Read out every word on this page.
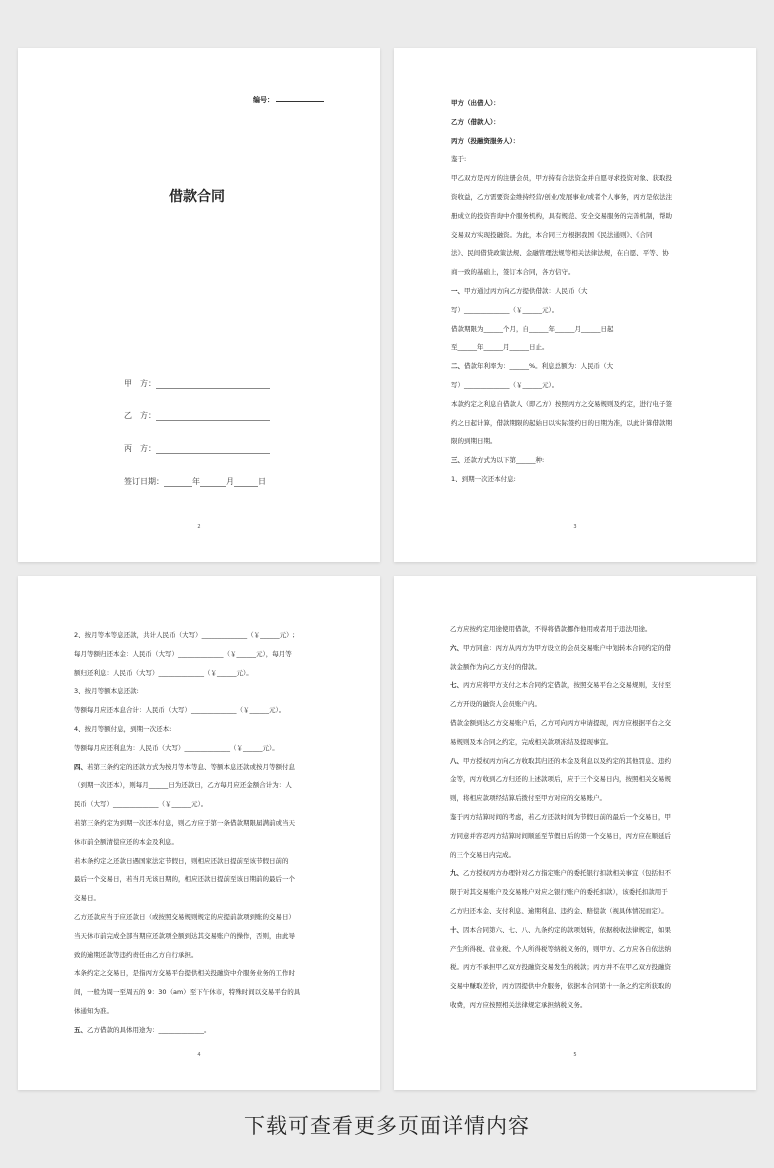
编号：
借款合同
甲　方：
乙　方：
丙　方：
签订日期：	年	月	日
2

甲方（出借人）：

乙方（借款人）：

丙方（投融资服务人）：

鉴于:

甲乙双方是丙方的注册会员，甲方持有合法资金并自愿寻求投资对象、获取投

资收益，乙方需要资金维持经营/创业/发展事业/或者个人事务，丙方是依法注

册成立的投资咨询中介服务机构，具有规范、安全交易服务的完善机制，帮助

交易双方实现投融资。为此，本合同三方根据我国《民法通则》、《合同

法》、民间借贷政策法规、金融管理法规等相关法律法规，在自愿、平等、协

商一致的基础上，签订本合同，各方信守。

一、甲方通过丙方向乙方提供借款：人民币（大

写）______________（￥______元）。

借款期限为______个月，自______年______月______日起

至______年______月______日止。

二、借款年利率为：______%。利息总额为：人民币（大

写）______________（￥______元）。

本款约定之利息自借款人（即乙方）按照丙方之交易规则及约定，进行电子签

约之日起计算，借款期限的起始日以实际签约日的日期为准，以此计算借款期

限的到期日期。

三、还款方式为以下第______种:

1、到期一次还本付息:

3

2、按月等本等息还款，共计人民币（大写）______________（￥______元）;

每月等额归还本金：人民币（大写）______________（￥______元），每月等

额归还利息：人民币（大写）______________（￥______元）。

3、按月等额本息还款:

等额每月应还本息合计：人民币（大写）______________（￥______元）。

4、按月等额付息，到期一次还本:

等额每月应还利息为：人民币（大写）______________（￥______元）。

四、若第三条约定的还款方式为按月等本等息、等额本息还款或按月等额付息

（到期一次还本），则每月______日为还款日，乙方每月应还金额合计为：人

民币（大写）______________（￥______元）。

若第三条约定为到期一次还本付息，则乙方应于第一条借款期限届满前或当天

休市前全额清偿应还的本金及利息。

若本条约定之还款日遇国家法定节假日，则相应还款日提前至该节假日前的

最后一个交易日，若当月无该日期的，相应还款日提前至该日期前的最后一个

交易日。

乙方还款应当于应还款日（或按照交易规则规定的应提前款项到账的交易日）

当天休市前完成全部当期应还款项全额到达其交易账户的操作，否则，由此导

致的逾期还款等违约责任由乙方自行承担。

本条约定之交易日，是指丙方交易平台提供相关投融资中介服务业务的工作时

间，一般为周一至周五的 9：30（am）至下午休市，特殊时间以交易平台的具

体通知为准。

五、乙方借款的具体用途为：______________。

4

乙方应按约定用途使用借款，不得将借款挪作他用或者用于违法用途。

六、甲方同意：丙方从丙方为甲方设立的会员交易账户中划转本合同约定的借

款金额作为向乙方支付的借款。

七、丙方应将甲方支付之本合同约定借款，按照交易平台之交易规则，支付至

乙方开设的融资人会员账户内。

借款金额到达乙方交易账户后，乙方可向丙方申请提现，丙方应根据平台之交

易规则及本合同之约定，完成相关款项冻结及提现事宜。

八、甲方授权丙方向乙方收取其归还的本金及利息以及约定的其他罚息、违约

金等，丙方收到乙方归还的上述款项后，应于三个交易日内，按照相关交易规

则，将相应款项经结算后拨付至甲方对应的交易账户。

鉴于丙方结算时间的考虑，若乙方还款时间为节假日前的最后一个交易日，甲

方同意并容忍丙方结算时间顺延至节假日后的第一个交易日，丙方应在顺延后

的三个交易日内完成。

九、乙方授权丙方办理针对乙方指定账户的委托银行扣款相关事宜（包括但不

限于对其交易账户及交易账户对应之银行账户的委托扣款），该委托扣款用于

乙方归还本金、支付利息、逾期利息、违约金、赔偿款（视具体情况而定）。

十、因本合同第六、七、八、九条约定的款项划转，依据税收法律规定，如果

产生所得税、营业税、个人所得税等纳税义务的，则甲方、乙方应各自依法纳

税。丙方不承担甲乙双方投融资交易发生的税款；丙方并不在甲乙双方投融资

交易中赚取差价，丙方因提供中介服务，依据本合同第十一条之约定所获取的

收费，丙方应按照相关法律规定承担纳税义务。

5
下载可查看更多页面详情内容
